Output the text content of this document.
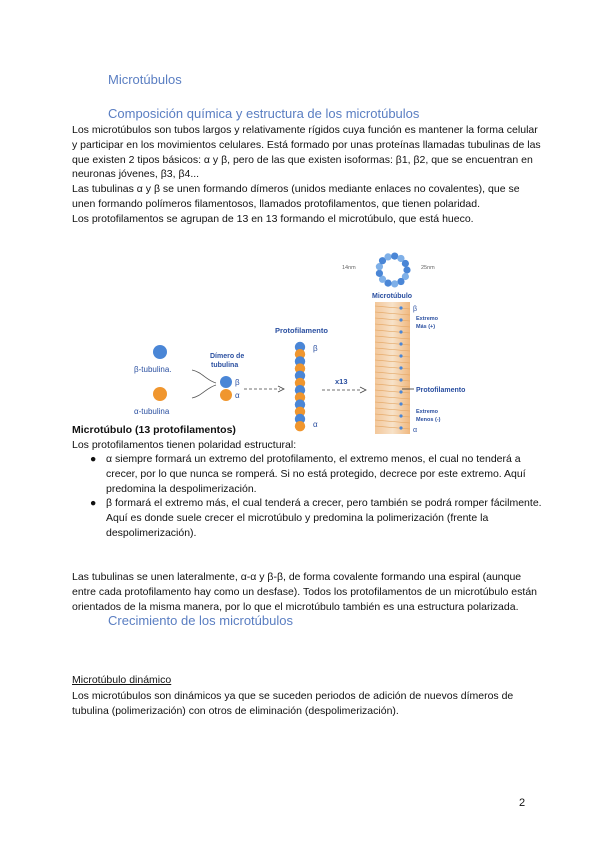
Microtúbulos
Composición química y estructura de los microtúbulos
Los microtúbulos son tubos largos y relativamente rígidos cuya función es mantener la forma celular y participar en los movimientos celulares. Está formado por unas proteínas llamadas tubulinas de las que existen 2 tipos básicos: α y β, pero de las que existen isoformas: β1, β2, que se encuentran en neuronas jóvenes, β3, β4...
Las tubulinas α y β se unen formando dímeros (unidos mediante enlaces no covalentes), que se unen formando polímeros filamentosos, llamados protofilamentos, que tienen polaridad.
Los protofilamentos se agrupan de 13 en 13 formando el microtúbulo, que está hueco.
β-tubulina.
α-tubulina
Dímero de
tubulina
β
α
Protofilamento
β
α
x13
14nm	25nm
Microtúbulo
β
Extremo
Más (+)
Protofilamento
Extremo
Menos (-)
α
Microtúbulo (13 protofilamentos)
Los protofilamentos tienen polaridad estructural:
● α siempre formará un extremo del protofilamento, el extremo menos, el cual no tenderá a crecer, por lo que nunca se romperá. Si no está protegido, decrece por este extremo. Aquí predomina la despolimerización.
● β formará el extremo más, el cual tenderá a crecer, pero también se podrá romper fácilmente. Aquí es donde suele crecer el microtúbulo y predomina la polimerización (frente la despolimerización).
Las tubulinas se unen lateralmente, α-α y β-β, de forma covalente formando una espiral (aunque entre cada protofilamento hay como un desfase). Todos los protofilamentos de un microtúbulo están orientados de la misma manera, por lo que el microtúbulo también es una estructura polarizada.
Crecimiento de los microtúbulos
Microtúbulo dinámico
Los microtúbulos son dinámicos ya que se suceden periodos de adición de nuevos dímeros de tubulina (polimerización) con otros de eliminación (despolimerización).
2
